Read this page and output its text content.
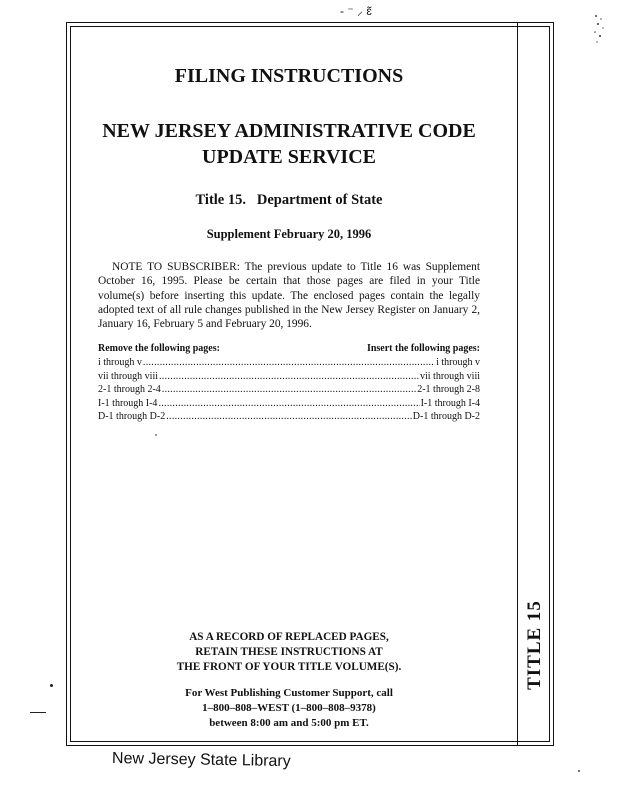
‑ ⁻ ⸝ ɛ̃
TITLE 15
FILING INSTRUCTIONS
NEW JERSEY ADMINISTRATIVE CODE
UPDATE SERVICE
Title 15.   Department of State
Supplement February 20, 1996

NOTE TO SUBSCRIBER: The previous update to Title 16 was Supplement October 16, 1995. Please be certain that those pages are filed in your Title volume(s) before inserting this update. The enclosed pages contain the legally adopted text of all rule changes published in the New Jersey Register on January 2, January 16, February 5 and February 20, 1996.

Remove the following pages:	Insert the following pages:
i through v .....	i through v
vii through viii .....	vii through viii
2-1 through 2-4 .....	2-1 through 2-8
I-1 through I-4 .....	I-1 through I-4
D-1 through D-2 .....	D-1 through D-2
AS A RECORD OF REPLACED PAGES,
RETAIN THESE INSTRUCTIONS AT
THE FRONT OF YOUR TITLE VOLUME(S).
For West Publishing Customer Support, call
1–800–808–WEST (1–800–808–9378)
between 8:00 am and 5:00 pm ET.
New Jersey State Library
